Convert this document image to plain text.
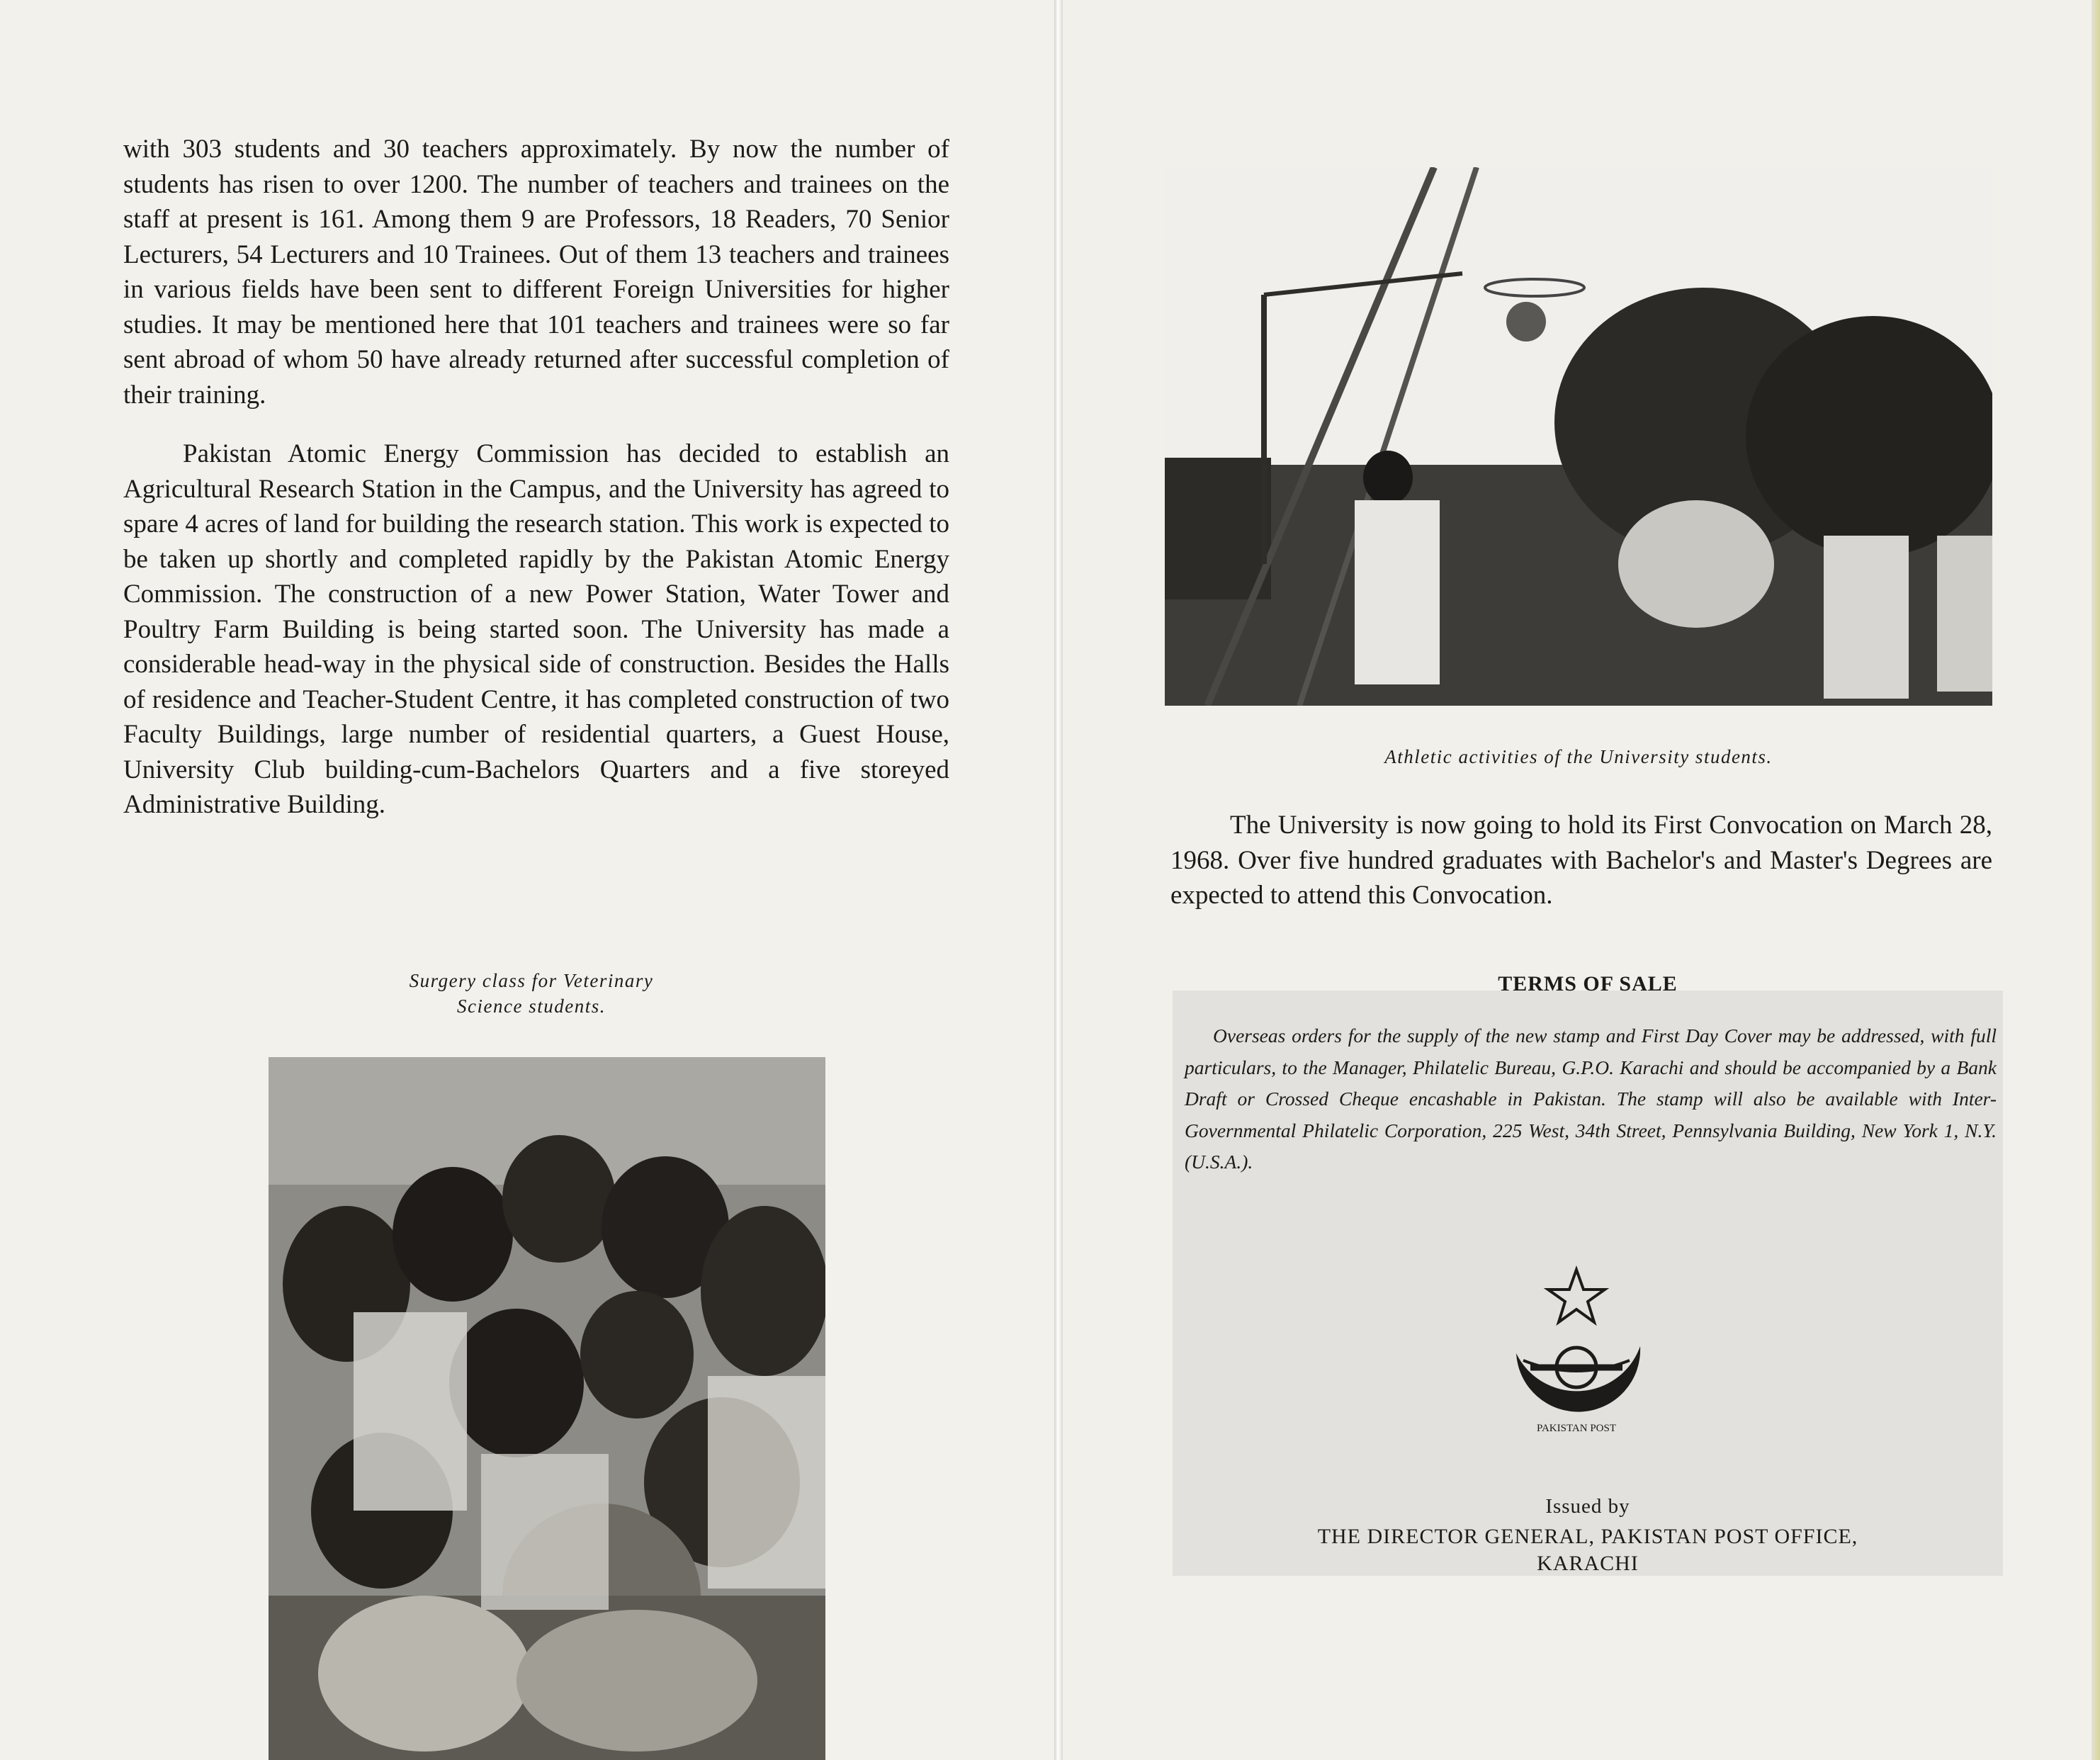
with 303 students and 30 teachers approximately. By now the number of students has risen to over 1200. The number of teachers and trainees on the staff at present is 161. Among them 9 are Professors, 18 Readers, 70 Senior Lecturers, 54 Lecturers and 10 Trainees. Out of them 13 teachers and trainees in various fields have been sent to different Foreign Universities for higher studies. It may be mentioned here that 101 teachers and trainees were so far sent abroad of whom 50 have already returned after successful completion of their training.

Pakistan Atomic Energy Commission has decided to establish an Agricultural Research Station in the Campus, and the University has agreed to spare 4 acres of land for building the research station. This work is expected to be taken up shortly and completed rapidly by the Pakistan Atomic Energy Commission. The construction of a new Power Station, Water Tower and Poultry Farm Building is being started soon. The University has made a considerable head-way in the physical side of construction. Besides the Halls of residence and Teacher-Student Centre, it has completed construction of two Faculty Buildings, large number of residential quarters, a Guest House, University Club building-cum-Bachelors Quarters and a five storeyed Administrative Building.

Surgery class for Veterinary
Science students.
Athletic activities of the University students.

The University is now going to hold its First Convocation on March 28, 1968. Over five hundred graduates with Bachelor's and Master's Degrees are expected to attend this Convocation.

TERMS OF SALE
Overseas orders for the supply of the new stamp and First Day Cover may be addressed, with full particulars, to the Manager, Philatelic Bureau, G.P.O. Karachi and should be accompanied by a Bank Draft or Crossed Cheque encashable in Pakistan. The stamp will also be available with Inter-Governmental Philatelic Corporation, 225 West, 34th Street, Pennsylvania Building, New York 1, N.Y. (U.S.A.).
PAKISTAN POST
Issued by
THE DIRECTOR GENERAL, PAKISTAN POST OFFICE,
KARACHI
